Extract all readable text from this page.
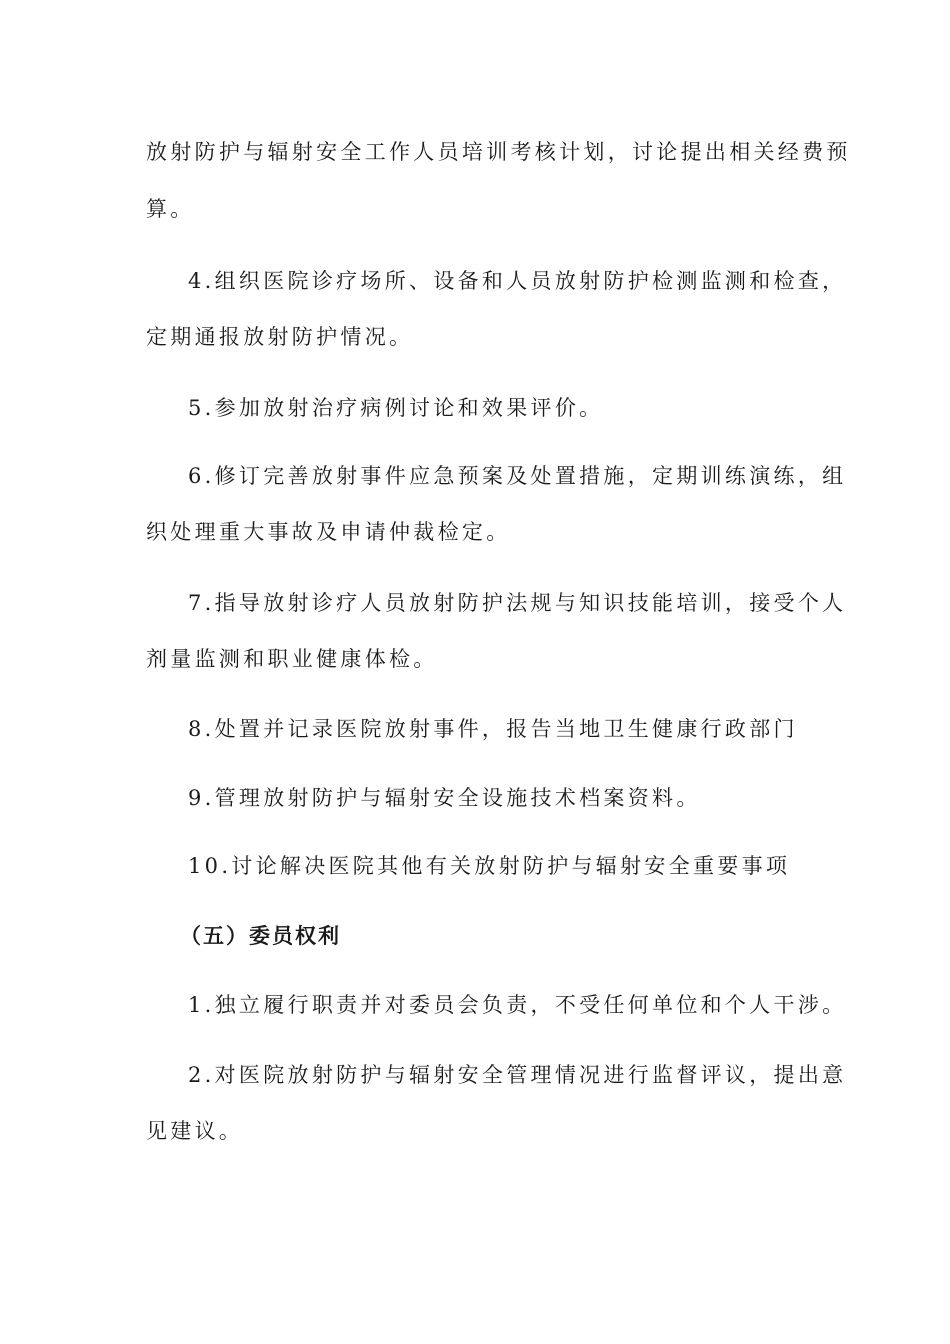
放射防护与辐射安全工作人员培训考核计划，讨论提出相关经费预
算。
4.组织医院诊疗场所、设备和人员放射防护检测监测和检查，
定期通报放射防护情况。
5.参加放射治疗病例讨论和效果评价。
6.修订完善放射事件应急预案及处置措施，定期训练演练，组
织处理重大事故及申请仲裁检定。
7.指导放射诊疗人员放射防护法规与知识技能培训，接受个人
剂量监测和职业健康体检。
8.处置并记录医院放射事件，报告当地卫生健康行政部门
9.管理放射防护与辐射安全设施技术档案资料。
10.讨论解决医院其他有关放射防护与辐射安全重要事项
（五）委员权利
1.独立履行职责并对委员会负责，不受任何单位和个人干涉。
2.对医院放射防护与辐射安全管理情况进行监督评议，提出意
见建议。
